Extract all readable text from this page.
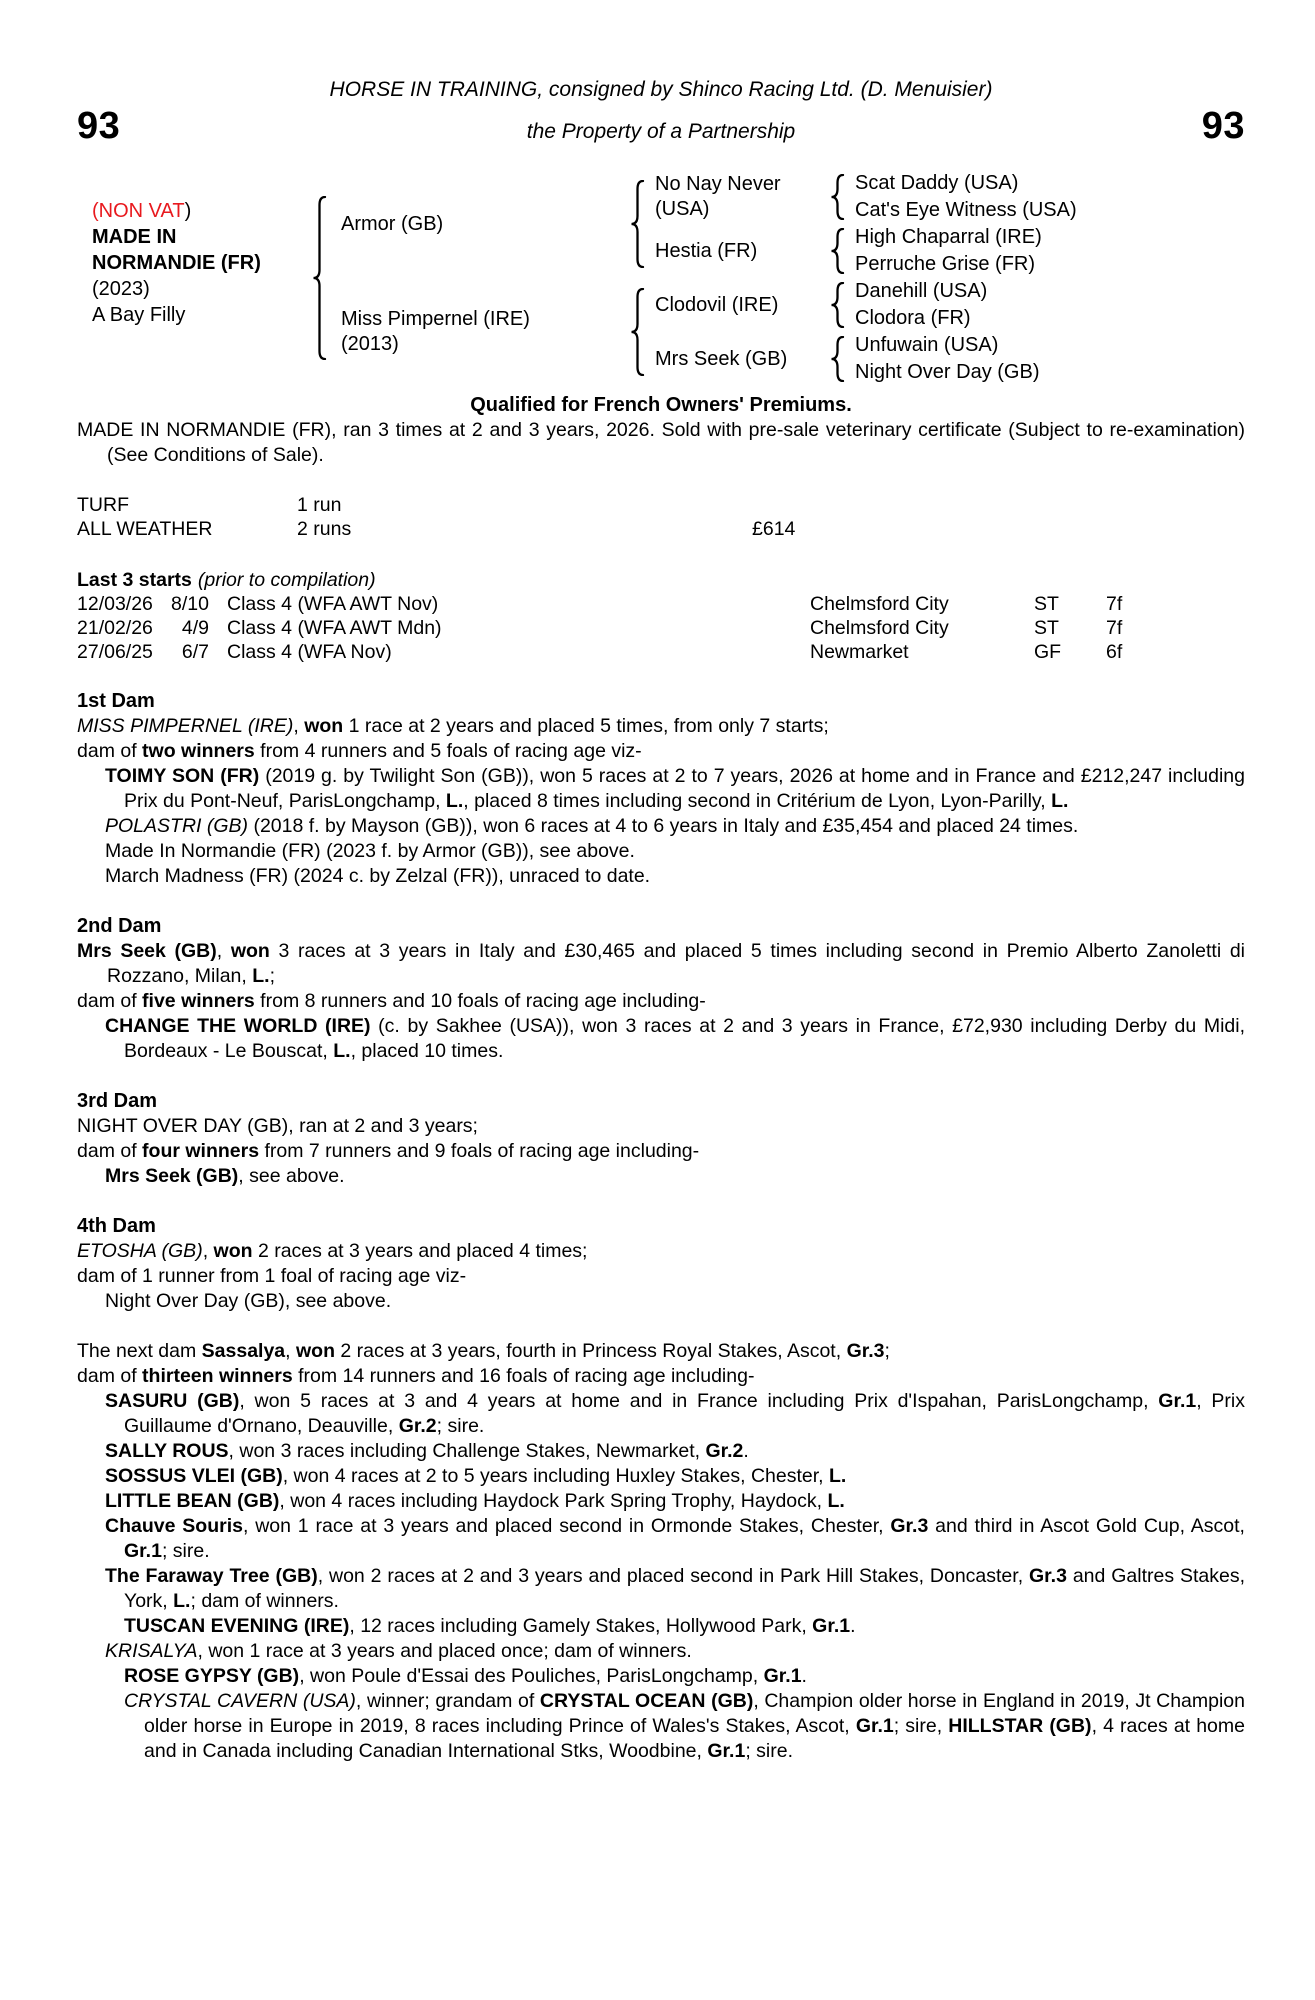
HORSE IN TRAINING, consigned by Shinco Racing Ltd. (D. Menuisier)
93	the Property of a Partnership	93
(NON VAT)
MADE IN NORMANDIE (FR)
(2023)
A Bay Filly
Armor (GB)
No Nay Never (USA)
Scat Daddy (USA)
Cat's Eye Witness (USA)
Hestia (FR)
High Chaparral (IRE)
Perruche Grise (FR)
Miss Pimpernel (IRE)
(2013)
Clodovil (IRE)
Danehill (USA)
Clodora (FR)
Mrs Seek (GB)
Unfuwain (USA)
Night Over Day (GB)
Qualified for French Owners' Premiums.

MADE IN NORMANDIE (FR), ran 3 times at 2 and 3 years, 2026. Sold with pre-sale veterinary certificate (Subject to re-examination) (See Conditions of Sale).

TURF	1 run
ALL WEATHER	2 runs	£614
Last 3 starts (prior to compilation)
12/03/26 8/10 Class 4 (WFA AWT Nov)	Chelmsford City	ST	7f
21/02/26	4/9 Class 4 (WFA AWT Mdn)	Chelmsford City	ST	7f
27/06/25	6/7 Class 4 (WFA Nov)	Newmarket	GF	6f
1st Dam

MISS PIMPERNEL (IRE), won 1 race at 2 years and placed 5 times, from only 7 starts;

dam of two winners from 4 runners and 5 foals of racing age viz-

TOIMY SON (FR) (2019 g. by Twilight Son (GB)), won 5 races at 2 to 7 years, 2026 at home and in France and £212,247 including Prix du Pont-Neuf, ParisLongchamp, L., placed 8 times including second in Critérium de Lyon, Lyon-Parilly, L.

POLASTRI (GB) (2018 f. by Mayson (GB)), won 6 races at 4 to 6 years in Italy and £35,454 and placed 24 times.

Made In Normandie (FR) (2023 f. by Armor (GB)), see above.

March Madness (FR) (2024 c. by Zelzal (FR)), unraced to date.

2nd Dam

Mrs Seek (GB), won 3 races at 3 years in Italy and £30,465 and placed 5 times including second in Premio Alberto Zanoletti di Rozzano, Milan, L.;

dam of five winners from 8 runners and 10 foals of racing age including-

CHANGE THE WORLD (IRE) (c. by Sakhee (USA)), won 3 races at 2 and 3 years in France, £72,930 including Derby du Midi, Bordeaux - Le Bouscat, L., placed 10 times.

3rd Dam

NIGHT OVER DAY (GB), ran at 2 and 3 years;

dam of four winners from 7 runners and 9 foals of racing age including-

Mrs Seek (GB), see above.

4th Dam

ETOSHA (GB), won 2 races at 3 years and placed 4 times;

dam of 1 runner from 1 foal of racing age viz-

Night Over Day (GB), see above.

The next dam Sassalya, won 2 races at 3 years, fourth in Princess Royal Stakes, Ascot, Gr.3;

dam of thirteen winners from 14 runners and 16 foals of racing age including-

SASURU (GB), won 5 races at 3 and 4 years at home and in France including Prix d'Ispahan, ParisLongchamp, Gr.1, Prix Guillaume d'Ornano, Deauville, Gr.2; sire.

SALLY ROUS, won 3 races including Challenge Stakes, Newmarket, Gr.2.

SOSSUS VLEI (GB), won 4 races at 2 to 5 years including Huxley Stakes, Chester, L.

LITTLE BEAN (GB), won 4 races including Haydock Park Spring Trophy, Haydock, L.

Chauve Souris, won 1 race at 3 years and placed second in Ormonde Stakes, Chester, Gr.3 and third in Ascot Gold Cup, Ascot, Gr.1; sire.

The Faraway Tree (GB), won 2 races at 2 and 3 years and placed second in Park Hill Stakes, Doncaster, Gr.3 and Galtres Stakes, York, L.; dam of winners.

TUSCAN EVENING (IRE), 12 races including Gamely Stakes, Hollywood Park, Gr.1.

KRISALYA, won 1 race at 3 years and placed once; dam of winners.

ROSE GYPSY (GB), won Poule d'Essai des Pouliches, ParisLongchamp, Gr.1.

CRYSTAL CAVERN (USA), winner; grandam of CRYSTAL OCEAN (GB), Champion older horse in England in 2019, Jt Champion older horse in Europe in 2019, 8 races including Prince of Wales's Stakes, Ascot, Gr.1; sire, HILLSTAR (GB), 4 races at home and in Canada including Canadian International Stks, Woodbine, Gr.1; sire.
